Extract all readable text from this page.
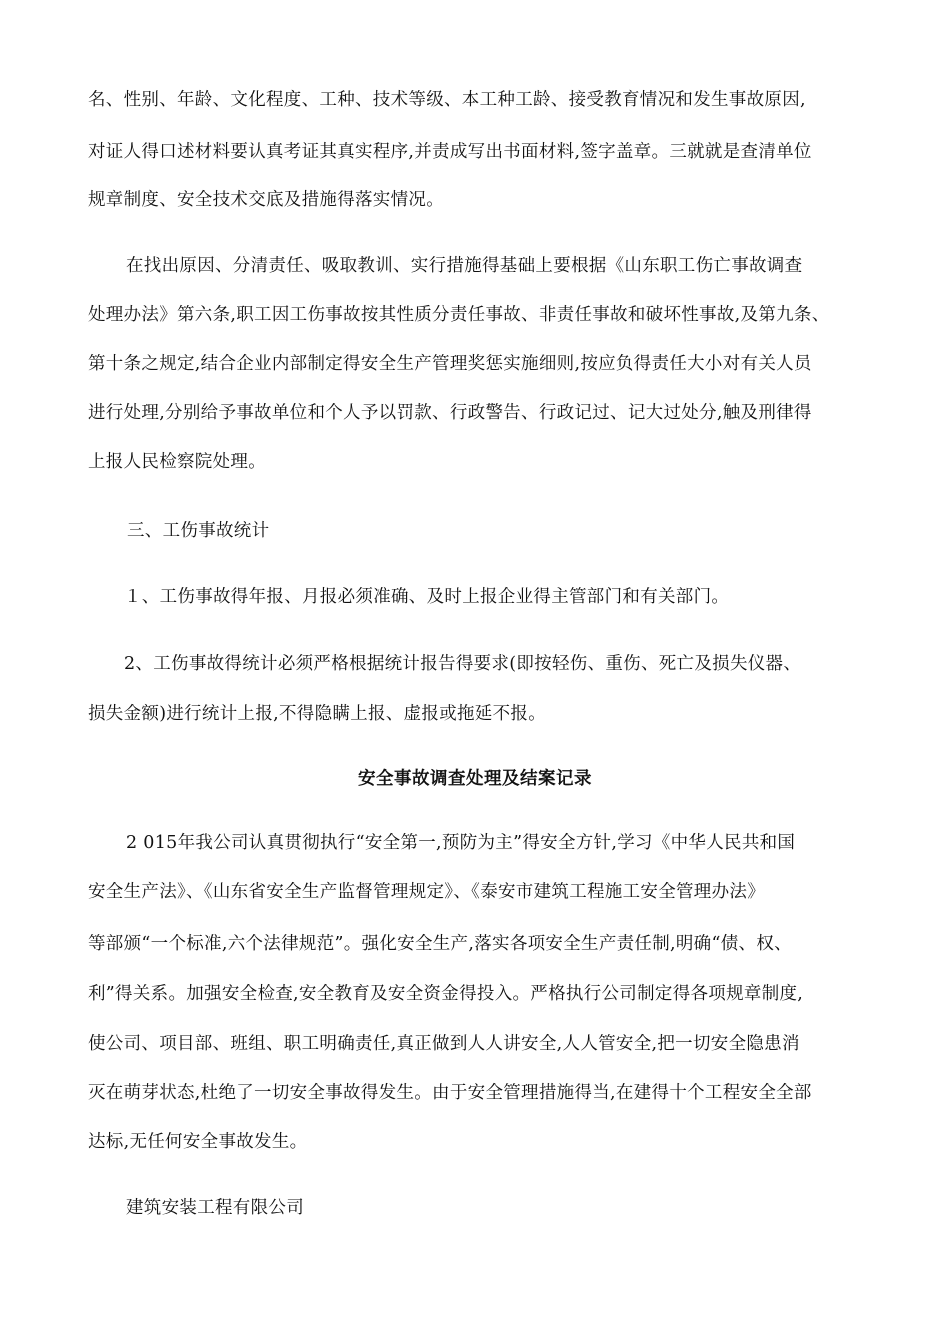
名、性别、年龄、文化程度、工种、技术等级、本工种工龄、接受教育情况和发生事故原因,
对证人得口述材料要认真考证其真实程序,并责成写出书面材料,签字盖章。三就就是查清单位
规章制度、安全技术交底及措施得落实情况。
在找出原因、分清责任、吸取教训、实行措施得基础上要根据《山东职工伤亡事故调查
处理办法》第六条,职工因工伤事故按其性质分责任事故、非责任事故和破坏性事故,及第九条、
第十条之规定,结合企业内部制定得安全生产管理奖惩实施细则,按应负得责任大小对有关人员
进行处理,分别给予事故单位和个人予以罚款、行政警告、行政记过、记大过处分,触及刑律得
上报人民检察院处理。
三、工伤事故统计
１、工伤事故得年报、月报必须准确、及时上报企业得主管部门和有关部门。
2、工伤事故得统计必须严格根据统计报告得要求(即按轻伤、重伤、死亡及损失仪器、
损失金额)进行统计上报,不得隐瞒上报、虚报或拖延不报。
安全事故调查处理及结案记录
2 015年我公司认真贯彻执行“安全第一,预防为主”得安全方针,学习《中华人民共和国
安全生产法》、《山东省安全生产监督管理规定》、《泰安市建筑工程施工安全管理办法》
等部颁“一个标准,六个法律规范”。强化安全生产,落实各项安全生产责任制,明确“债、权、
利”得关系。加强安全检查,安全教育及安全资金得投入。严格执行公司制定得各项规章制度,
使公司、项目部、班组、职工明确责任,真正做到人人讲安全,人人管安全,把一切安全隐患消
灭在萌芽状态,杜绝了一切安全事故得发生。由于安全管理措施得当,在建得十个工程安全全部
达标,无任何安全事故发生。
建筑安装工程有限公司
